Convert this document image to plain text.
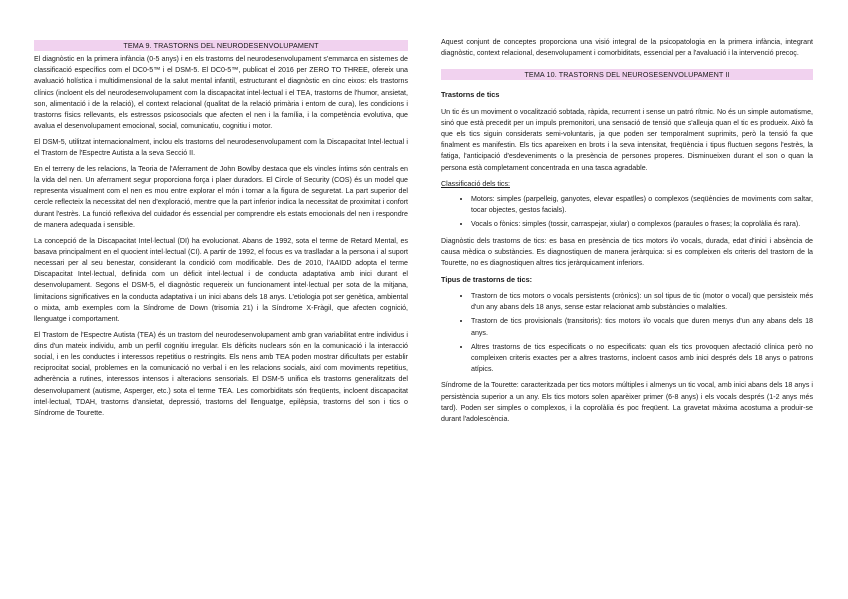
TEMA 9. TRASTORNS DEL NEURODESENVOLUPAMENT

El diagnòstic en la primera infància (0-5 anys) i en els trastorns del neurodesenvolupament s'emmarca en sistemes de classificació específics com el DC0-5™ i el DSM-5. El DC0-5™, publicat el 2016 per ZERO TO THREE, ofereix una avaluació holística i multidimensional de la salut mental infantil, estructurant el diagnòstic en cinc eixos: els trastorns clínics (incloent els del neurodesenvolupament com la discapacitat intel·lectual i el TEA, trastorns de l'humor, ansietat, son, alimentació i de la relació), el context relacional (qualitat de la relació primària i entorn de cura), les condicions i trastorns físics rellevants, els estressos psicosocials que afecten el nen i la família, i la competència evolutiva, que avalua el desenvolupament emocional, social, comunicatiu, cognitiu i motor.

El DSM-5, utilitzat internacionalment, inclou els trastorns del neurodesenvolupament com la Discapacitat Intel·lectual i el Trastorn de l'Espectre Autista a la seva Secció II.

En el terreny de les relacions, la Teoria de l'Aferrament de John Bowlby destaca que els vincles íntims són centrals en la vida del nen. Un aferrament segur proporciona força i plaer duradors. El Circle of Security (COS) és un model que representa visualment com el nen es mou entre explorar el món i tornar a la figura de seguretat. La part superior del cercle reflecteix la necessitat del nen d'exploració, mentre que la part inferior indica la necessitat de proximitat i confort durant l'estrès. La funció reflexiva del cuidador és essencial per comprendre els estats emocionals del nen i respondre de manera adequada i sensible.

La concepció de la Discapacitat Intel·lectual (DI) ha evolucionat. Abans de 1992, sota el terme de Retard Mental, es basava principalment en el quocient intel·lectual (CI). A partir de 1992, el focus es va traslladar a la persona i al suport necessari per al seu benestar, considerant la condició com modificable. Des de 2010, l'AAIDD adopta el terme Discapacitat Intel·lectual, definida com un dèficit intel·lectual i de conducta adaptativa amb inici durant el desenvolupament. Segons el DSM-5, el diagnòstic requereix un funcionament intel·lectual per sota de la mitjana, limitacions significatives en la conducta adaptativa i un inici abans dels 18 anys. L'etiologia pot ser genètica, ambiental o mixta, amb exemples com la Síndrome de Down (trisomia 21) i la Síndrome X-Fràgil, que afecten cognició, llenguatge i comportament.

El Trastorn de l'Espectre Autista (TEA) és un trastorn del neurodesenvolupament amb gran variabilitat entre individus i dins d'un mateix individu, amb un perfil cognitiu irregular. Els dèficits nuclears són en la comunicació i la interacció social, i en les conductes i interessos repetitius o restringits. Els nens amb TEA poden mostrar dificultats per establir reciprocitat social, problemes en la comunicació no verbal i en les relacions socials, així com moviments repetitius, adherència a rutines, interessos intensos i alteracions sensorials. El DSM-5 unifica els trastorns generalitzats del desenvolupament (autisme, Asperger, etc.) sota el terme TEA. Les comorbiditats són freqüents, incloent discapacitat intel·lectual, TDAH, trastorns d'ansietat, depressió, trastorns del llenguatge, epilèpsia, trastorns del son i tics o Síndrome de Tourette.

Aquest conjunt de conceptes proporciona una visió integral de la psicopatologia en la primera infància, integrant diagnòstic, context relacional, desenvolupament i comorbiditats, essencial per a l'avaluació i la intervenció precoç.

TEMA 10. TRASTORNS DEL NEUROSESENVOLUPAMENT II
Trastorns de tics

Un tic és un moviment o vocalització sobtada, ràpida, recurrent i sense un patró rítmic. No és un simple automatisme, sinó que està precedit per un impuls premonitori, una sensació de tensió que s'alleuja quan el tic es produeix. Això fa que els tics siguin considerats semi-voluntaris, ja que poden ser temporalment suprimits, però la tensió fa que finalment es manifestin. Els tics apareixen en brots i la seva intensitat, freqüència i tipus fluctuen segons l'estrès, la fatiga, l'anticipació d'esdeveniments o la presència de persones properes. Disminueixen durant el son o quan la persona està completament concentrada en una tasca agradable.

Classificació dels tics:
• Motors: simples (parpelleig, ganyotes, elevar espatlles) o complexos (seqüències de moviments com saltar, tocar objectes, gestos facials).
• Vocals o fònics: simples (tossir, carraspejar, xiular) o complexos (paraules o frases; la coprolàlia és rara).

Diagnòstic dels trastorns de tics: es basa en presència de tics motors i/o vocals, durada, edat d'inici i absència de causa mèdica o substàncies. Es diagnostiquen de manera jeràrquica: si es compleixen els criteris del trastorn de la Tourette, no es diagnostiquen altres tics jeràrquicament inferiors.

Tipus de trastorns de tics:
• Trastorn de tics motors o vocals persistents (crònics): un sol tipus de tic (motor o vocal) que persisteix més d'un any abans dels 18 anys, sense estar relacionat amb substàncies o malalties.
• Trastorn de tics provisionals (transitoris): tics motors i/o vocals que duren menys d'un any abans dels 18 anys.
• Altres trastorns de tics especificats o no especificats: quan els tics provoquen afectació clínica però no compleixen criteris exactes per a altres trastorns, incloent casos amb inici després dels 18 anys o patrons atípics.

Síndrome de la Tourette: caracteritzada per tics motors múltiples i almenys un tic vocal, amb inici abans dels 18 anys i persistència superior a un any. Els tics motors solen aparèixer primer (6-8 anys) i els vocals després (1-2 anys més tard). Poden ser simples o complexos, i la coprolàlia és poc freqüent. La gravetat màxima acostuma a produir-se durant l'adolescència.
